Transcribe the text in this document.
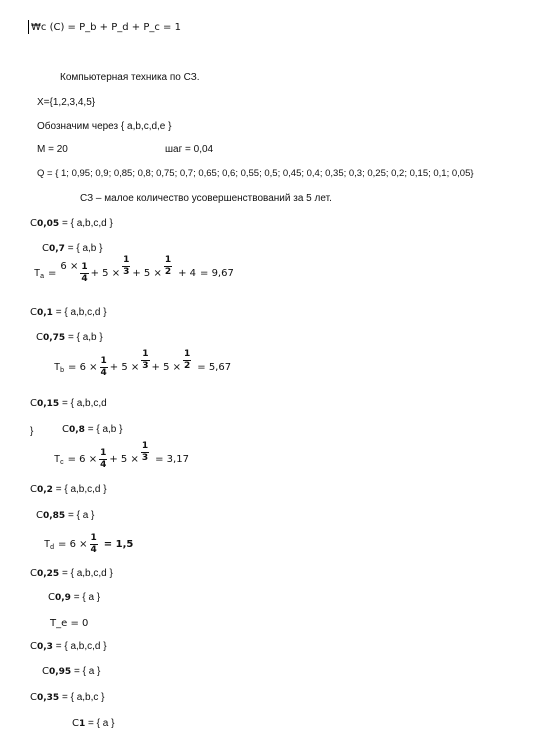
₩c (С) = P_b + P_d + P_c = 1
Компьютерная техника по СЗ.
X={1,2,3,4,5}
Обозначим через { a,b,c,d,e }
М = 20	шаг = 0,04
Q = { 1; 0,95; 0,9; 0,85; 0,8; 0,75; 0,7; 0,65; 0,6; 0,55; 0,5; 0,45; 0,4; 0,35; 0,3; 0,25; 0,2; 0,15; 0,1; 0,05}
СЗ – малое количество усовершенствований за 5 лет.
C0,05 = { a,b,c,d }
C0,7 = { a,b }
$T_a$ =
$6 \times \frac{1}{4} + 5 \times \frac{1}{3} + 5 \times \frac{1}{2} + 4 = 9,67$
C0,1 = { a,b,c,d }
C0,75 = { a,b }
$T_b = 6 \times \frac{1}{4} + 5 \times \frac{1}{3} + 5 \times \frac{1}{2} = 5,67$
C0,15 = { a,b,c,d
}	C0,8 = { a,b }
$T_c = 6 \times \frac{1}{4} + 5 \times \frac{1}{3} = 3,17$
C0,2 = { a,b,c,d }
C0,85 = { a }
$T_d = 6 \times \frac{1}{4} = 1,5$
C0,25 = { a,b,c,d }
C0,9 = { a }
T_e = 0
C0,3 = { a,b,c,d }
C0,95 = { a }
C0,35 = { a,b,c }
C1 = { a }
